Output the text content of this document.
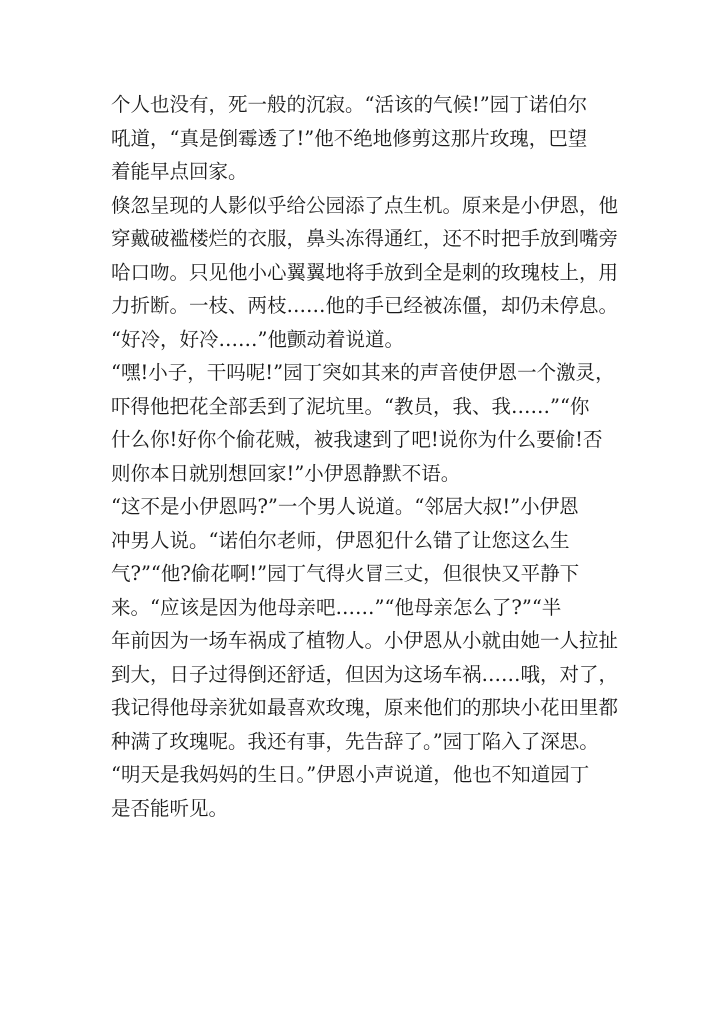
个人也没有，死一般的沉寂。“活该的气候!”园丁诺伯尔
吼道，“真是倒霉透了!”他不绝地修剪这那片玫瑰，巴望
着能早点回家。
倏忽呈现的人影似乎给公园添了点生机。原来是小伊恩，他
穿戴破褴楼烂的衣服，鼻头冻得通红，还不时把手放到嘴旁
哈口吻。只见他小心翼翼地将手放到全是刺的玫瑰枝上，用
力折断。一枝、两枝……他的手已经被冻僵，却仍未停息。
“好冷，好冷……”他颤动着说道。
“嘿!小子，干吗呢!”园丁突如其来的声音使伊恩一个激灵，
吓得他把花全部丢到了泥坑里。“教员，我、我……”“你
什么你!好你个偷花贼，被我逮到了吧!说你为什么要偷!否
则你本日就别想回家!”小伊恩静默不语。
“这不是小伊恩吗?”一个男人说道。“邻居大叔!”小伊恩
冲男人说。“诺伯尔老师，伊恩犯什么错了让您这么生
气?”“他?偷花啊!”园丁气得火冒三丈，但很快又平静下
来。“应该是因为他母亲吧……”“他母亲怎么了?”“半
年前因为一场车祸成了植物人。小伊恩从小就由她一人拉扯
到大，日子过得倒还舒适，但因为这场车祸……哦，对了，
我记得他母亲犹如最喜欢玫瑰，原来他们的那块小花田里都
种满了玫瑰呢。我还有事，先告辞了。”园丁陷入了深思。
“明天是我妈妈的生日。”伊恩小声说道，他也不知道园丁
是否能听见。
